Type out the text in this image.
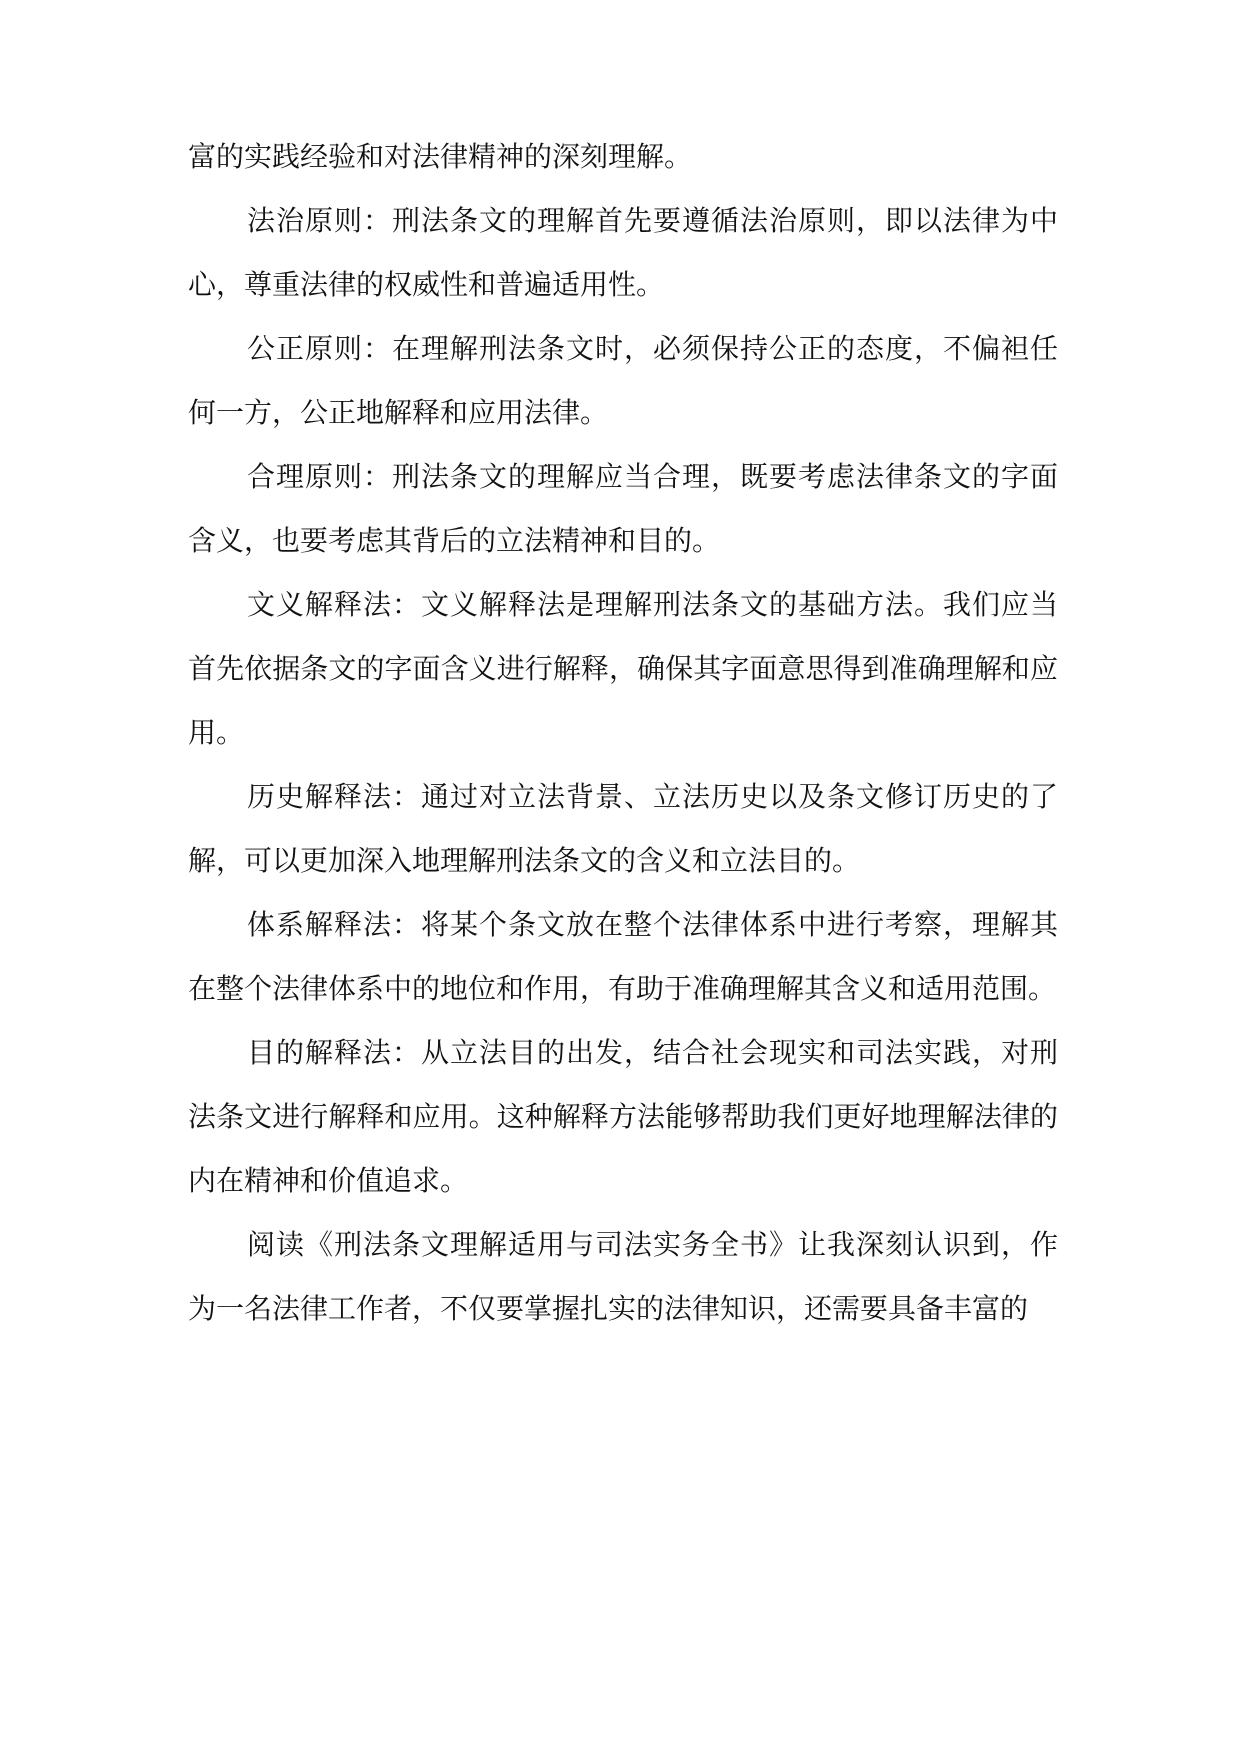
富的实践经验和对法律精神的深刻理解。

法治原则：刑法条文的理解首先要遵循法治原则，即以法律为中心，尊重法律的权威性和普遍适用性。

公正原则：在理解刑法条文时，必须保持公正的态度，不偏袒任何一方，公正地解释和应用法律。

合理原则：刑法条文的理解应当合理，既要考虑法律条文的字面含义，也要考虑其背后的立法精神和目的。

文义解释法：文义解释法是理解刑法条文的基础方法。我们应当首先依据条文的字面含义进行解释，确保其字面意思得到准确理解和应用。

历史解释法：通过对立法背景、立法历史以及条文修订历史的了解，可以更加深入地理解刑法条文的含义和立法目的。

体系解释法：将某个条文放在整个法律体系中进行考察，理解其在整个法律体系中的地位和作用，有助于准确理解其含义和适用范围。

目的解释法：从立法目的出发，结合社会现实和司法实践，对刑法条文进行解释和应用。这种解释方法能够帮助我们更好地理解法律的内在精神和价值追求。

阅读《刑法条文理解适用与司法实务全书》让我深刻认识到，作为一名法律工作者，不仅要掌握扎实的法律知识，还需要具备丰富的
